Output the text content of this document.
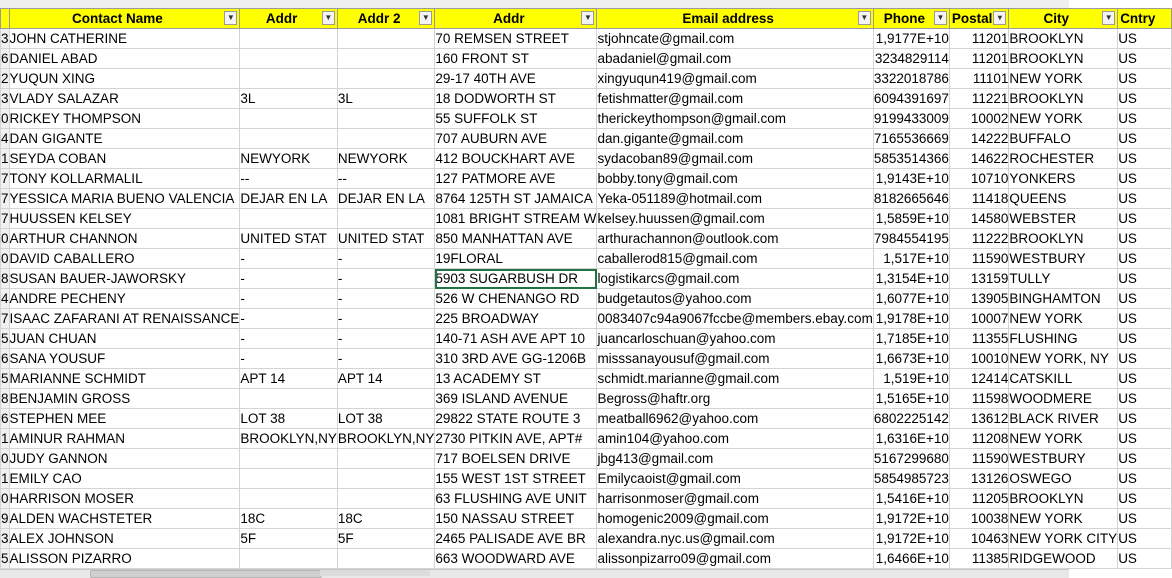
	Contact Name ▼	Addr ▼	Addr 2 ▼	Addr ▼	Email address ▼	Phone ▼	Postal ▾	City ▼	Cntry

3	JOHN CATHERINE			70 REMSEN STREET	stjohncate@gmail.com	1,9177E+10	11201	BROOKLYN	US
6	DANIEL ABAD			160 FRONT ST	abadaniel@gmail.com	3234829114	11201	BROOKLYN	US
2	YUQUN XING			29-17 40TH AVE	xingyuqun419@gmail.com	3322018786	11101	NEW YORK	US
3	VLADY SALAZAR	3L	3L	18 DODWORTH ST	fetishmatter@gmail.com	6094391697	11221	BROOKLYN	US
0	RICKEY THOMPSON			55 SUFFOLK ST	therickeythompson@gmail.com	9199433009	10002	NEW YORK	US
4	DAN GIGANTE			707 AUBURN AVE	dan.gigante@gmail.com	7165536669	14222	BUFFALO	US
1	SEYDA COBAN	NEWYORK	NEWYORK	412 BOUCKHART AVE	sydacoban89@gmail.com	5853514366	14622	ROCHESTER	US
7	TONY KOLLARMALIL	--	--	127 PATMORE AVE	bobby.tony@gmail.com	1,9143E+10	10710	YONKERS	US
7	YESSICA MARIA BUENO VALENCIA	DEJAR EN LA	DEJAR EN LA	8764 125TH ST JAMAICA	Yeka-051189@hotmail.com	8182665646	11418	QUEENS	US
7	HUUSSEN KELSEY			1081 BRIGHT STREAM W	kelsey.huussen@gmail.com	1,5859E+10	14580	WEBSTER	US
0	ARTHUR CHANNON	UNITED STAT	UNITED STAT	850 MANHATTAN AVE	arthurachannon@outlook.com	7984554195	11222	BROOKLYN	US
0	DAVID CABALLERO	-	-	19FLORAL	caballerod815@gmail.com	1,517E+10	11590	WESTBURY	US
8	SUSAN BAUER-JAWORSKY	-	-	5903 SUGARBUSH DR	logistikarcs@gmail.com	1,3154E+10	13159	TULLY	US
4	ANDRE PECHENY	-	-	526 W CHENANGO RD	budgetautos@yahoo.com	1,6077E+10	13905	BINGHAMTON	US
7	ISAAC ZAFARANI AT RENAISSANCE	-	-	225 BROADWAY	0083407c94a9067fccbe@members.ebay.com	1,9178E+10	10007	NEW YORK	US
5	JUAN CHUAN	-	-	140-71 ASH AVE APT 10	juancarloschuan@yahoo.com	1,7185E+10	11355	FLUSHING	US
6	SANA YOUSUF	-	-	310 3RD AVE GG-1206B	misssanayousuf@gmail.com	1,6673E+10	10010	NEW YORK, NY	US
5	MARIANNE SCHMIDT	APT 14	APT 14	13 ACADEMY ST	schmidt.marianne@gmail.com	1,519E+10	12414	CATSKILL	US
8	BENJAMIN GROSS			369 ISLAND AVENUE	Begross@haftr.org	1,5165E+10	11598	WOODMERE	US
6	STEPHEN MEE	LOT 38	LOT 38	29822 STATE ROUTE 3	meatball6962@yahoo.com	6802225142	13612	BLACK RIVER	US
1	AMINUR RAHMAN	BROOKLYN,NY	BROOKLYN,NY	2730 PITKIN AVE, APT#	amin104@yahoo.com	1,6316E+10	11208	NEW YORK	US
0	JUDY GANNON			717 BOELSEN DRIVE	jbg413@gmail.com	5167299680	11590	WESTBURY	US
1	EMILY CAO			155 WEST 1ST STREET	Emilycaoist@gmail.com	5854985723	13126	OSWEGO	US
0	HARRISON MOSER			63 FLUSHING AVE UNIT	harrisonmoser@gmail.com	1,5416E+10	11205	BROOKLYN	US
9	ALDEN WACHSTETER	18C	18C	150 NASSAU STREET	homogenic2009@gmail.com	1,9172E+10	10038	NEW YORK	US
3	ALEX JOHNSON	5F	5F	2465 PALISADE AVE BR	alexandra.nyc.us@gmail.com	1,9172E+10	10463	NEW YORK CITY	US
5	ALISSON PIZARRO			663 WOODWARD AVE	alissonpizarro09@gmail.com	1,6466E+10	11385	RIDGEWOOD	US
